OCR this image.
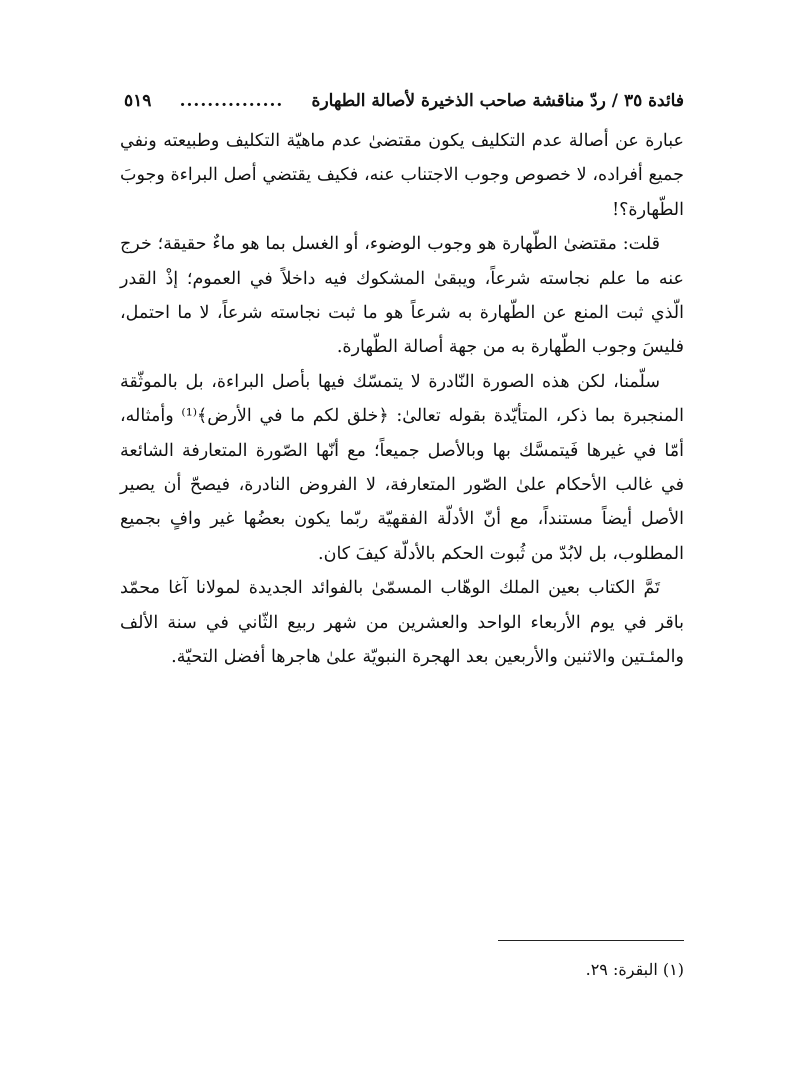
فائدة ٣٥ / ردّ مناقشة صاحب الذخيرة لأصالة الطهارة
...............
٥١٩

عبارة عن أصالة عدم التكليف يكون مقتضىٰ عدم ماهيّة التكليف وطبيعته ونفي جميع أفراده، لا خصوص وجوب الاجتناب عنه، فكيف يقتضي أصل البراءة وجوبَ الطّهارة؟!

قلت: مقتضىٰ الطّهارة هو وجوب الوضوء، أو الغسل بما هو ماءٌ حقيقة؛ خرج عنه ما علم نجاسته شرعاً، ويبقىٰ المشكوك فيه داخلاً في العموم؛ إذْ القدر الّذي ثبت المنع عن الطّهارة به شرعاً هو ما ثبت نجاسته شرعاً، لا ما احتمل، فليسَ وجوب الطّهارة به من جهة أصالة الطّهارة.

سلّمنا، لكن هذه الصورة النّادرة لا يتمسّك فيها بأصل البراءة، بل بالموثّقة المنجبرة بما ذكر، المتأيّدة بقوله تعالىٰ: ﴿خلق لكم ما في الأرض﴾⁽¹⁾ وأمثاله، أمّا في غيرها فَيتمسَّك بها وبالأصل جميعاً؛ مع أنّها الصّورة المتعارفة الشائعة في غالب الأحكام علىٰ الصّور المتعارفة، لا الفروض النادرة، فيصحّ أن يصير الأصل أيضاً مستنداً، مع أنّ الأدلّة الفقهيّة ربّما يكون بعضُها غير وافٍ بجميع المطلوب، بل لابُدّ من ثُبوت الحكم بالأدلّة كيفَ كان.

تَمَّ الكتاب بعين الملك الوهّاب المسمّىٰ بالفوائد الجديدة لمولانا آغا محمّد باقر في يوم الأربعاء الواحد والعشرين من شهر ربيع الثّاني في سنة الألف والمئـتين والاثنين والأربعين بعد الهجرة النبويّة علىٰ هاجرها أفضل التحيّة.

(١) البقرة: ٢٩.
